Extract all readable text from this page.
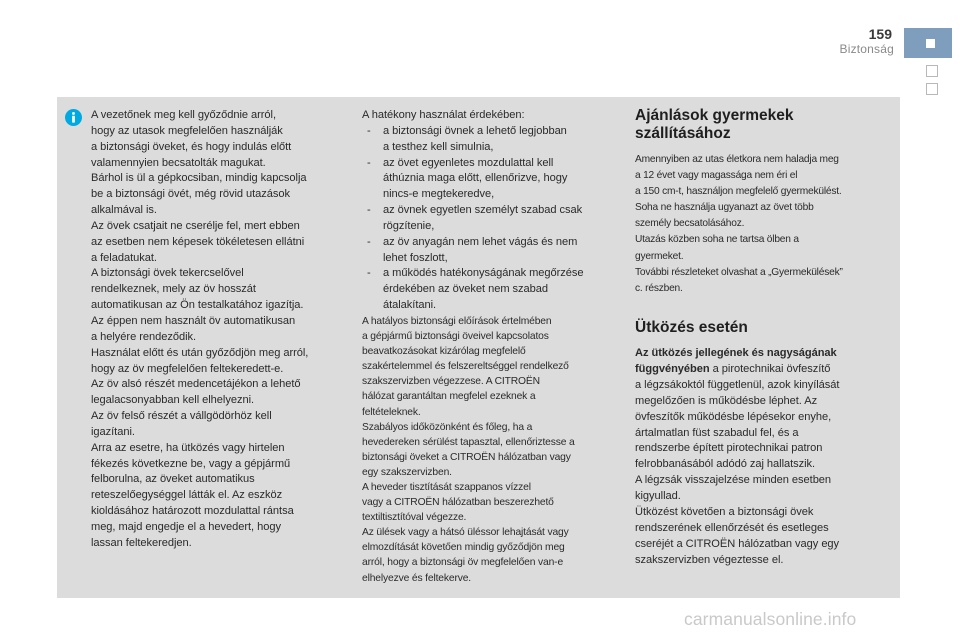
159
Biztonság
A vezetőnek meg kell győződnie arról,
hogy az utasok megfelelően használják
a biztonsági öveket, és hogy indulás előtt
valamennyien becsatolták magukat.
Bárhol is ül a gépkocsiban, mindig kapcsolja
be a biztonsági övét, még rövid utazások
alkalmával is.
Az övek csatjait ne cserélje fel, mert ebben
az esetben nem képesek tökéletesen ellátni
a feladatukat.
A biztonsági övek tekercselővel
rendelkeznek, mely az öv hosszát
automatikusan az Ön testalkatához igazítja.
Az éppen nem használt öv automatikusan
a helyére rendeződik.
Használat előtt és után győződjön meg arról,
hogy az öv megfelelően feltekeredett-e.
Az öv alsó részét medencetájékon a lehető
legalacsonyabban kell elhelyezni.
Az öv felső részét a vállgödörhöz kell
igazítani.
Arra az esetre, ha ütközés vagy hirtelen
fékezés következne be, vagy a gépjármű
felborulna, az öveket automatikus
reteszelőegységgel látták el. Az eszköz
kioldásához határozott mozdulattal rántsa
meg, majd engedje el a hevedert, hogy
lassan feltekeredjen.
A hatékony használat érdekében:
- a biztonsági övnek a lehető legjobban
a testhez kell simulnia,
- az övet egyenletes mozdulattal kell
áthúznia maga előtt, ellenőrizve, hogy
nincs-e megtekeredve,
- az övnek egyetlen személyt szabad csak
rögzítenie,
- az öv anyagán nem lehet vágás és nem
lehet foszlott,
- a működés hatékonyságának megőrzése
érdekében az öveket nem szabad
átalakítani.
A hatályos biztonsági előírások értelmében
a gépjármű biztonsági öveivel kapcsolatos
beavatkozásokat kizárólag megfelelő
szakértelemmel és felszereltséggel rendelkező
szakszervizben végezzese. A CITROËN
hálózat garantáltan megfelel ezeknek a
feltételeknek.
Szabályos időközönként és főleg, ha a
hevedereken sérülést tapasztal, ellenőriztesse a
biztonsági öveket a CITROËN hálózatban vagy
egy szakszervizben.
A heveder tisztítását szappanos vízzel
vagy a CITROËN hálózatban beszerezhető
textiltisztítóval végezze.
Az ülések vagy a hátsó üléssor lehajtását vagy
elmozdítását követően mindig győződjön meg
arról, hogy a biztonsági öv megfelelően van-e
elhelyezve és feltekerve.
Ajánlások gyermekek
szállításához
Amennyiben az utas életkora nem haladja meg
a 12 évet vagy magassága nem éri el
a 150 cm-t, használjon megfelelő gyermekülést.
Soha ne használja ugyanazt az övet több
személy becsatolásához.
Utazás közben soha ne tartsa ölben a
gyermeket.
További részleteket olvashat a „Gyermekülések”
c. részben.
Ütközés esetén
Az ütközés jellegének és nagyságának
függvényében a pirotechnikai övfeszítő
a légzsákoktól függetlenül, azok kinyílását
megelőzően is működésbe léphet. Az
övfeszítők működésbe lépésekor enyhe,
ártalmatlan füst szabadul fel, és a
rendszerbe épített pirotechnikai patron
felrobbanásából adódó zaj hallatszik.
A légzsák visszajelzése minden esetben
kigyullad.
Ütközést követően a biztonsági övek
rendszerének ellenőrzését és esetleges
cseréjét a CITROËN hálózatban vagy egy
szakszervizben végeztesse el.
carmanualsonline.info
